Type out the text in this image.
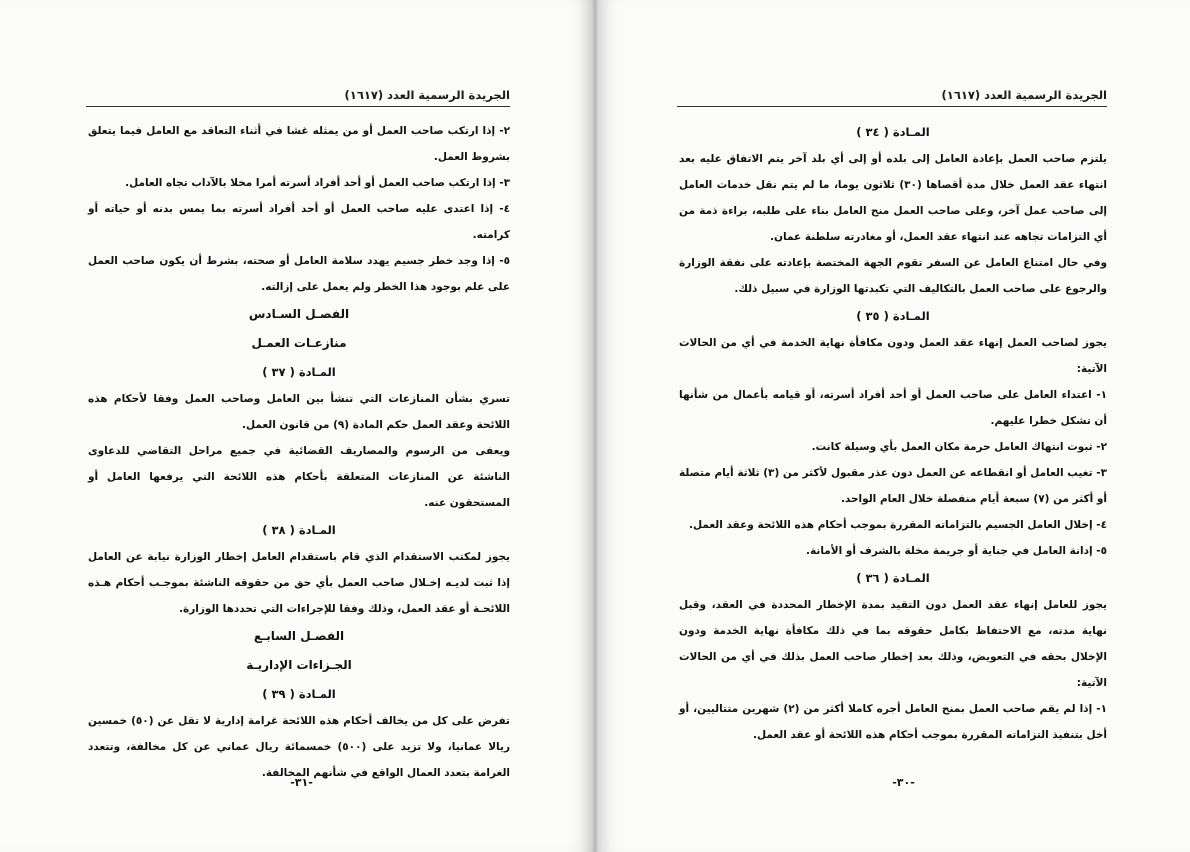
الجريدة الرسمية العدد (١٦١٧)

٢- إذا ارتكب صاحب العمل أو من يمثله غشا في أثناء التعاقد مع العامل فيما يتعلق بشروط العمل.

٣- إذا ارتكب صاحب العمل أو أحد أفراد أسرته أمرا مخلا بالآداب تجاه العامل.

٤- إذا اعتدى عليه صاحب العمل أو أحد أفراد أسرته بما يمس بدنه أو حياته أو كرامته.

٥- إذا وجد خطر جسيم يهدد سلامة العامل أو صحته، بشرط أن يكون صاحب العمل على علم بوجود هذا الخطر ولم يعمل على إزالته.

الفصـل السـادس

منازعـات العمـل

المـادة ( ٣٧ )

تسري بشأن المنازعات التي تنشأ بين العامل وصاحب العمل وفقا لأحكام هذه اللائحة وعقد العمل حكم المادة (٩) من قانون العمل.

ويعفى من الرسوم والمصاريف القضائية في جميع مراحل التقاضي للدعاوى الناشئة عن المنازعات المتعلقة بأحكام هذه اللائحة التي يرفعها العامل أو المستحقون عنه.

المـادة ( ٣٨ )

يجوز لمكتب الاستقدام الذي قام باستقدام العامل إخطار الوزارة نيابة عن العامل إذا ثبت لديـه إخـلال صاحب العمل بأي حق من حقوقه الناشئة بموجـب أحكام هـذه اللائحـة أو عقد العمل، وذلك وفقا للإجراءات التي تحددها الوزارة.

الفصـل السابـع

الجـزاءات الإداريـة

المـادة ( ٣٩ )

تفرض على كل من يخالف أحكام هذه اللائحة غرامة إدارية لا تقل عن (٥٠) خمسين ريالا عمانيا، ولا تزيد على (٥٠٠) خمسمائة ريال عماني عن كل مخالفة، وتتعدد الغرامة بتعدد العمال الواقع في شأنهم المخالفة.

-٣١-
الجريدة الرسمية العدد (١٦١٧)

المـادة ( ٣٤ )

يلتزم صاحب العمل بإعادة العامل إلى بلده أو إلى أي بلد آخر يتم الاتفاق عليه بعد انتهاء عقد العمل خلال مدة أقصاها (٣٠) ثلاثون يوما، ما لم يتم نقل خدمات العامل إلى صاحب عمل آخر، وعلى صاحب العمل منح العامل بناء على طلبه، براءة ذمة من أي التزامات تجاهه عند انتهاء عقد العمل، أو مغادرته سلطنة عمان.

وفي حال امتناع العامل عن السفر تقوم الجهة المختصة بإعادته على نفقة الوزارة والرجوع على صاحب العمل بالتكاليف التي تكبدتها الوزارة في سبيل ذلك.

المـادة ( ٣٥ )

يجوز لصاحب العمل إنهاء عقد العمل ودون مكافأة نهاية الخدمة في أي من الحالات الآتية:

١- اعتداء العامل على صاحب العمل أو أحد أفراد أسرته، أو قيامه بأعمال من شأنها أن تشكل خطرا عليهم.

٢- ثبوت انتهاك العامل حرمة مكان العمل بأي وسيلة كانت.

٣- تغيب العامل أو انقطاعه عن العمل دون عذر مقبول لأكثر من (٣) ثلاثة أيام متصلة أو أكثر من (٧) سبعة أيام منفصلة خلال العام الواحد.

٤- إخلال العامل الجسيم بالتزاماته المقررة بموجب أحكام هذه اللائحة وعقد العمل.

٥- إدانة العامل في جناية أو جريمة مخلة بالشرف أو الأمانة.

المـادة ( ٣٦ )

يجوز للعامل إنهاء عقد العمل دون التقيد بمدة الإخطار المحددة في العقد، وقبل نهاية مدته، مع الاحتفاظ بكامل حقوقه بما في ذلك مكافأة نهاية الخدمة ودون الإخلال بحقه في التعويض، وذلك بعد إخطار صاحب العمل بذلك في أي من الحالات الآتية:

١- إذا لم يقم صاحب العمل بمنح العامل أجره كاملا أكثر من (٢) شهرين متتاليين، أو أخل بتنفيذ التزاماته المقررة بموجب أحكام هذه اللائحة أو عقد العمل.

-٣٠-
